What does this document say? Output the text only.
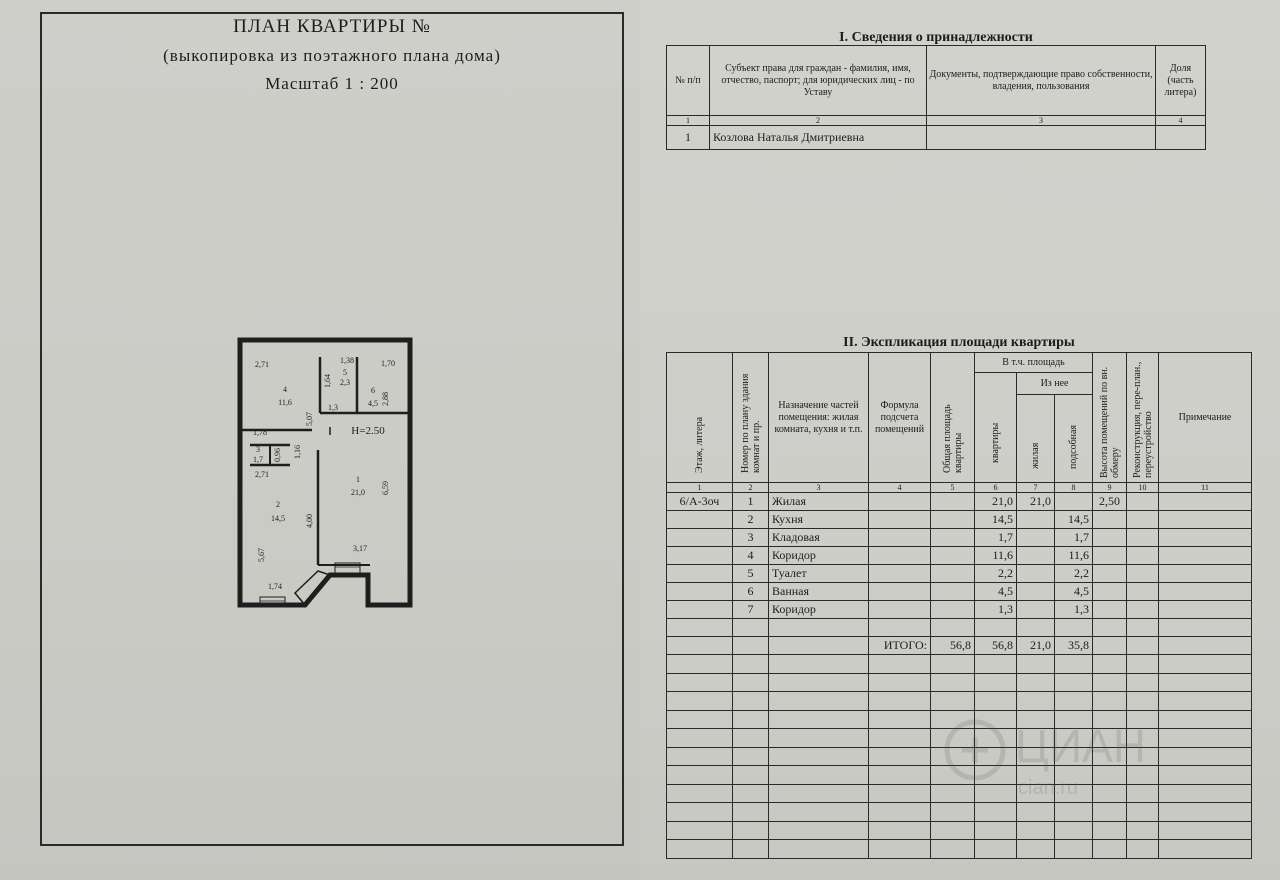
ПЛАН КВАРТИРЫ №
(выкопировка из поэтажного плана дома)
Масштаб 1 : 200
2,71	1,38	1,70
1,64
5,07
2,88
1,78
0,96 1,16
2,71
6,59
4,00
5,67	3,17
1,74
Н=2.50
4
11,6
5
2,3
6
4,5
1,3
3
1,7
1
21,0
2
14,5
I. Сведения о принадлежности
№ п/п	Субъект права для граждан - фамилия, имя, отчество, паспорт; для юридических лиц - по Уставу	Документы, подтверждающие право собственности, владения, пользования	Доля (часть литера)
1	2	3	4
1	Козлова Наталья Дмитриевна		
II. Экспликация площади квартиры
Этаж, литера	Номер по плану здания комнат и пр.	Назначение частей помещения: жилая комната, кухня и т.п.	Формула подсчета помещений	Общая площадь квартиры	В т.ч. площадь			Высота помещений по вн. обмеру	Реконструкция, пере-план., переустройство	Примечание

					квартиры	Из нее				

						жилая	подсобная			

1	2	3	4	5	6	7	8	9	10	11
6/А-3оч	1	Жилая			21,0	21,0		2,50		
	2	Кухня			14,5		14,5			
	3	Кладовая			1,7		1,7			
	4	Коридор			11,6		11,6			
	5	Туалет			2,2		2,2			
	6	Ванная			4,5		4,5			
	7	Коридор			1,3		1,3			

			ИТОГО:	56,8	56,8	21,0	35,8			

ЦИАН
cian.ru
